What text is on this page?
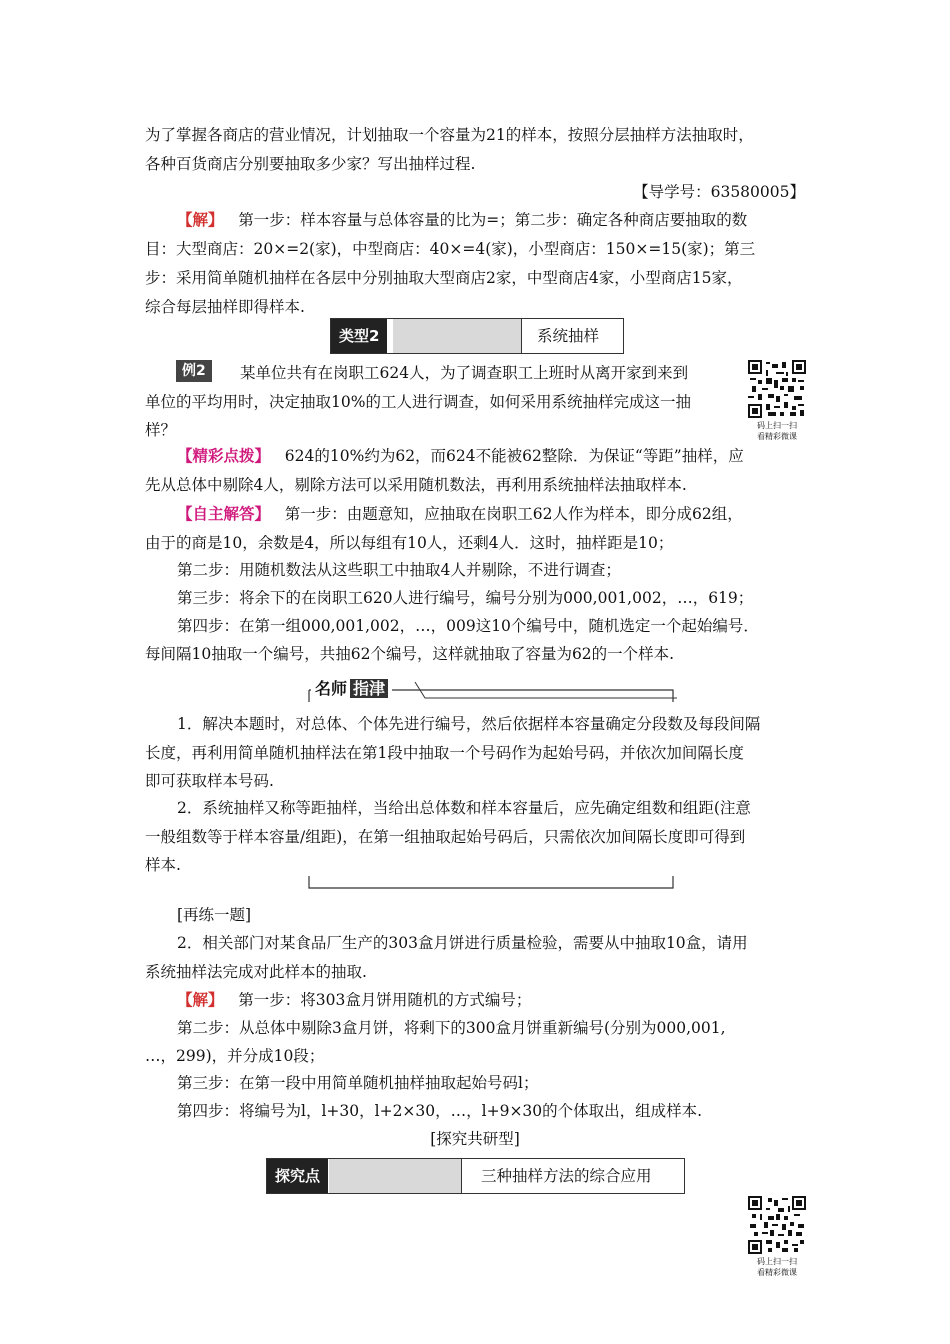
为了掌握各商店的营业情况，计划抽取一个容量为21的样本，按照分层抽样方法抽取时，
各种百货商店分别要抽取多少家？写出抽样过程.
【导学号：63580005】
【解】 第一步：样本容量与总体容量的比为=；第二步：确定各种商店要抽取的数
目：大型商店：20×=2(家)，中型商店：40×=4(家)，小型商店：150×=15(家)；第三
步：采用简单随机抽样在各层中分别抽取大型商店2家，中型商店4家，小型商店15家，
综合每层抽样即得样本.
类型2	系统抽样
例2	某单位共有在岗职工624人，为了调查职工上班时从离开家到来到
单位的平均用时，决定抽取10%的工人进行调查，如何采用系统抽样完成这一抽
样？	码上扫一扫
看精彩微课
【精彩点拨】 624的10%约为62，而624不能被62整除．为保证“等距”抽样，应
先从总体中剔除4人，剔除方法可以采用随机数法，再利用系统抽样法抽取样本.
【自主解答】 第一步：由题意知，应抽取在岗职工62人作为样本，即分成62组，
由于的商是10，余数是4，所以每组有10人，还剩4人．这时，抽样距是10；
第二步：用随机数法从这些职工中抽取4人并剔除，不进行调查；
第三步：将余下的在岗职工620人进行编号，编号分别为000,001,002，…，619；
第四步：在第一组000,001,002，…，009这10个编号中，随机选定一个起始编号．
每间隔10抽取一个编号，共抽62个编号，这样就抽取了容量为62的一个样本.
名师 指津
1．解决本题时，对总体、个体先进行编号，然后依据样本容量确定分段数及每段间隔
长度，再利用简单随机抽样法在第1段中抽取一个号码作为起始号码，并依次加间隔长度
即可获取样本号码.
2．系统抽样又称等距抽样，当给出总体数和样本容量后，应先确定组数和组距(注意
一般组数等于样本容量/组距)，在第一组抽取起始号码后，只需依次加间隔长度即可得到
样本.
[再练一题]
2．相关部门对某食品厂生产的303盒月饼进行质量检验，需要从中抽取10盒，请用
系统抽样法完成对此样本的抽取.
【解】 第一步：将303盒月饼用随机的方式编号；
第二步：从总体中剔除3盒月饼，将剩下的300盒月饼重新编号(分别为000,001,
…，299)，并分成10段；
第三步：在第一段中用简单随机抽样抽取起始号码l；
第四步：将编号为l，l+30，l+2×30，…，l+9×30的个体取出，组成样本.
[探究共研型]
探究点	三种抽样方法的综合应用
码上扫一扫
看精彩微课
